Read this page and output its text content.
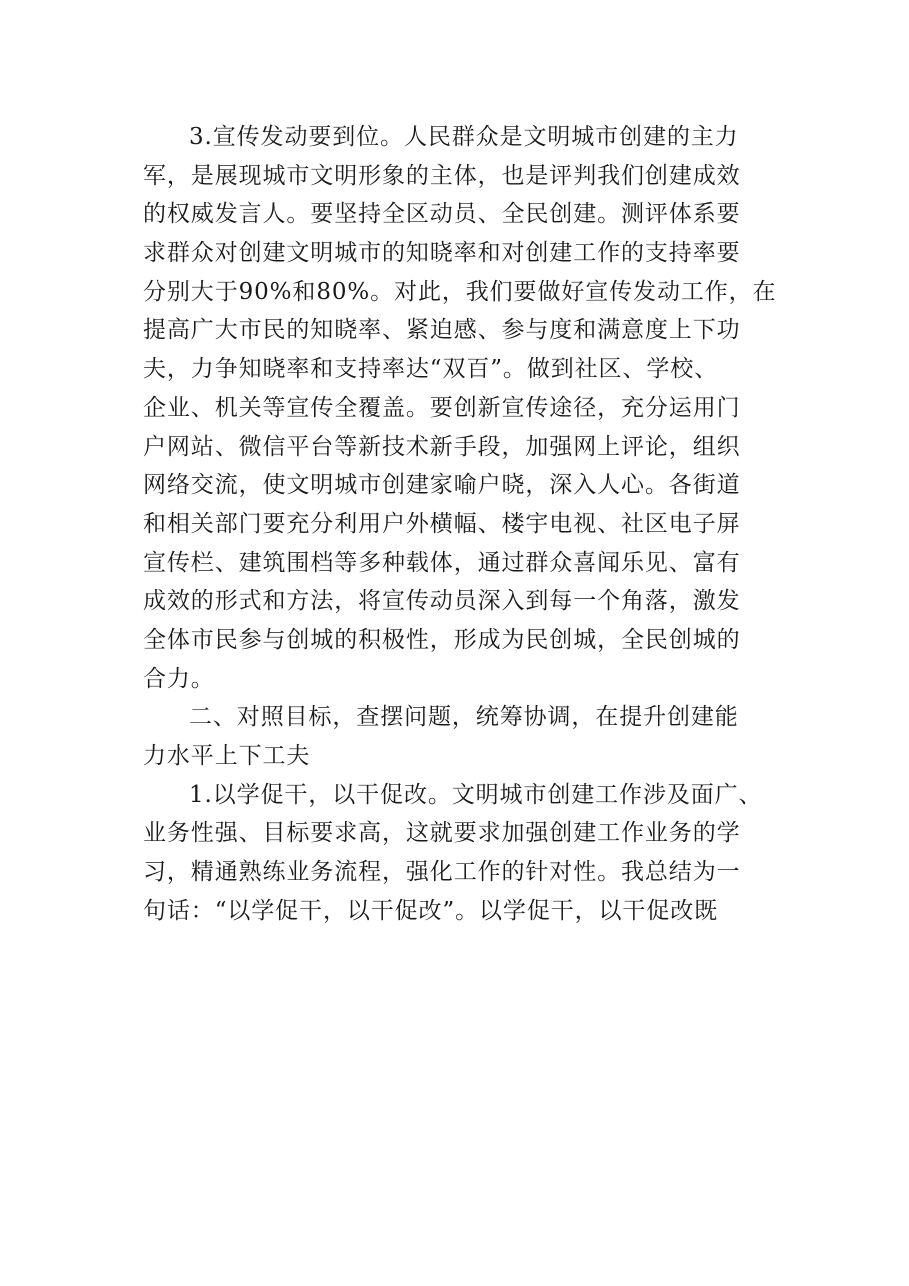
3.宣传发动要到位。人民群众是文明城市创建的主力
军，是展现城市文明形象的主体，也是评判我们创建成效
的权威发言人。要坚持全区动员、全民创建。测评体系要
求群众对创建文明城市的知晓率和对创建工作的支持率要
分别大于90%和80%。对此，我们要做好宣传发动工作，在
提高广大市民的知晓率、紧迫感、参与度和满意度上下功
夫，力争知晓率和支持率达“双百”。做到社区、学校、
企业、机关等宣传全覆盖。要创新宣传途径，充分运用门
户网站、微信平台等新技术新手段，加强网上评论，组织
网络交流，使文明城市创建家喻户晓，深入人心。各街道
和相关部门要充分利用户外横幅、楼宇电视、社区电子屏
宣传栏、建筑围档等多种载体，通过群众喜闻乐见、富有
成效的形式和方法，将宣传动员深入到每一个角落，激发
全体市民参与创城的积极性，形成为民创城，全民创城的
合力。
二、对照目标，查摆问题，统筹协调，在提升创建能
力水平上下工夫
1.以学促干，以干促改。文明城市创建工作涉及面广、
业务性强、目标要求高，这就要求加强创建工作业务的学
习，精通熟练业务流程，强化工作的针对性。我总结为一
句话：“以学促干，以干促改”。以学促干，以干促改既
